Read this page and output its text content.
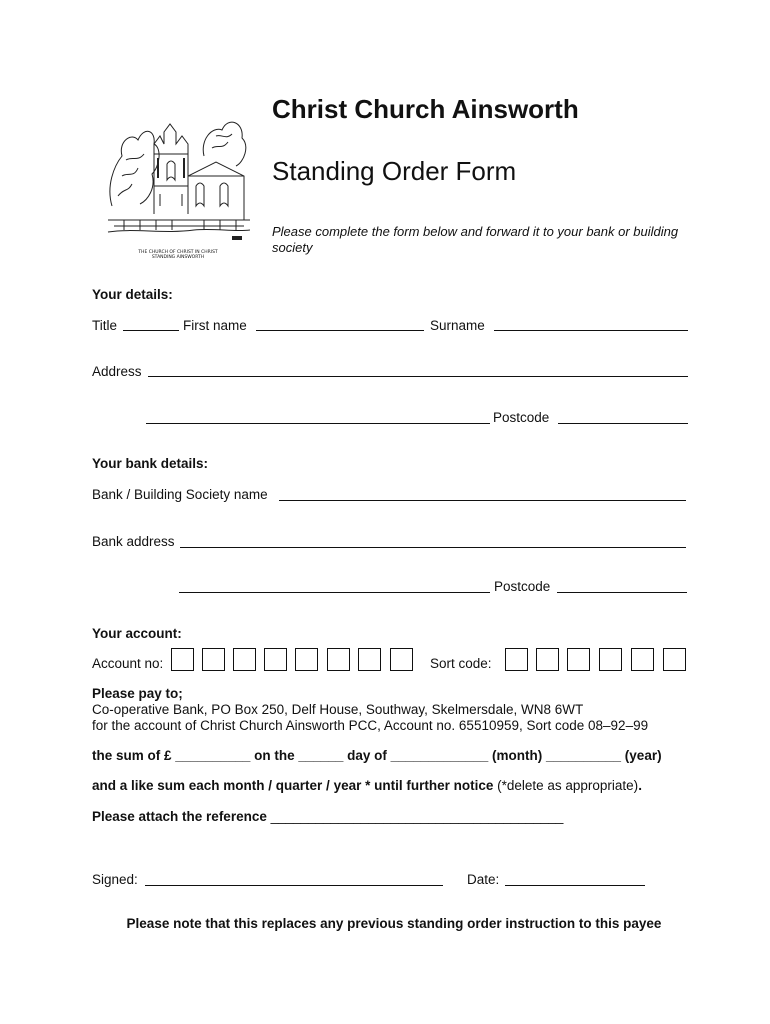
THE CHURCH OF CHRIST IN CHRIST
STANDING AINSWORTH
Christ Church Ainsworth
Standing Order Form
Please complete the form below and forward it to your bank or building society
Your details:
Title	First name	Surname
Address
Postcode
Your bank details:
Bank / Building Society name
Bank address
Postcode
Your account:
Account no:	Sort code:
Please pay to;
Co-operative Bank, PO Box 250, Delf House, Southway, Skelmersdale, WN8 6WT
for the account of Christ Church Ainsworth PCC, Account no. 65510959, Sort code 08–92–99
the sum of £ __________ on the ______ day of _____________ (month) __________ (year)
and a like sum each month / quarter / year * until further notice (*delete as appropriate).
Please attach the reference _______________________________________
Signed:	Date:
Please note that this replaces any previous standing order instruction to this payee
